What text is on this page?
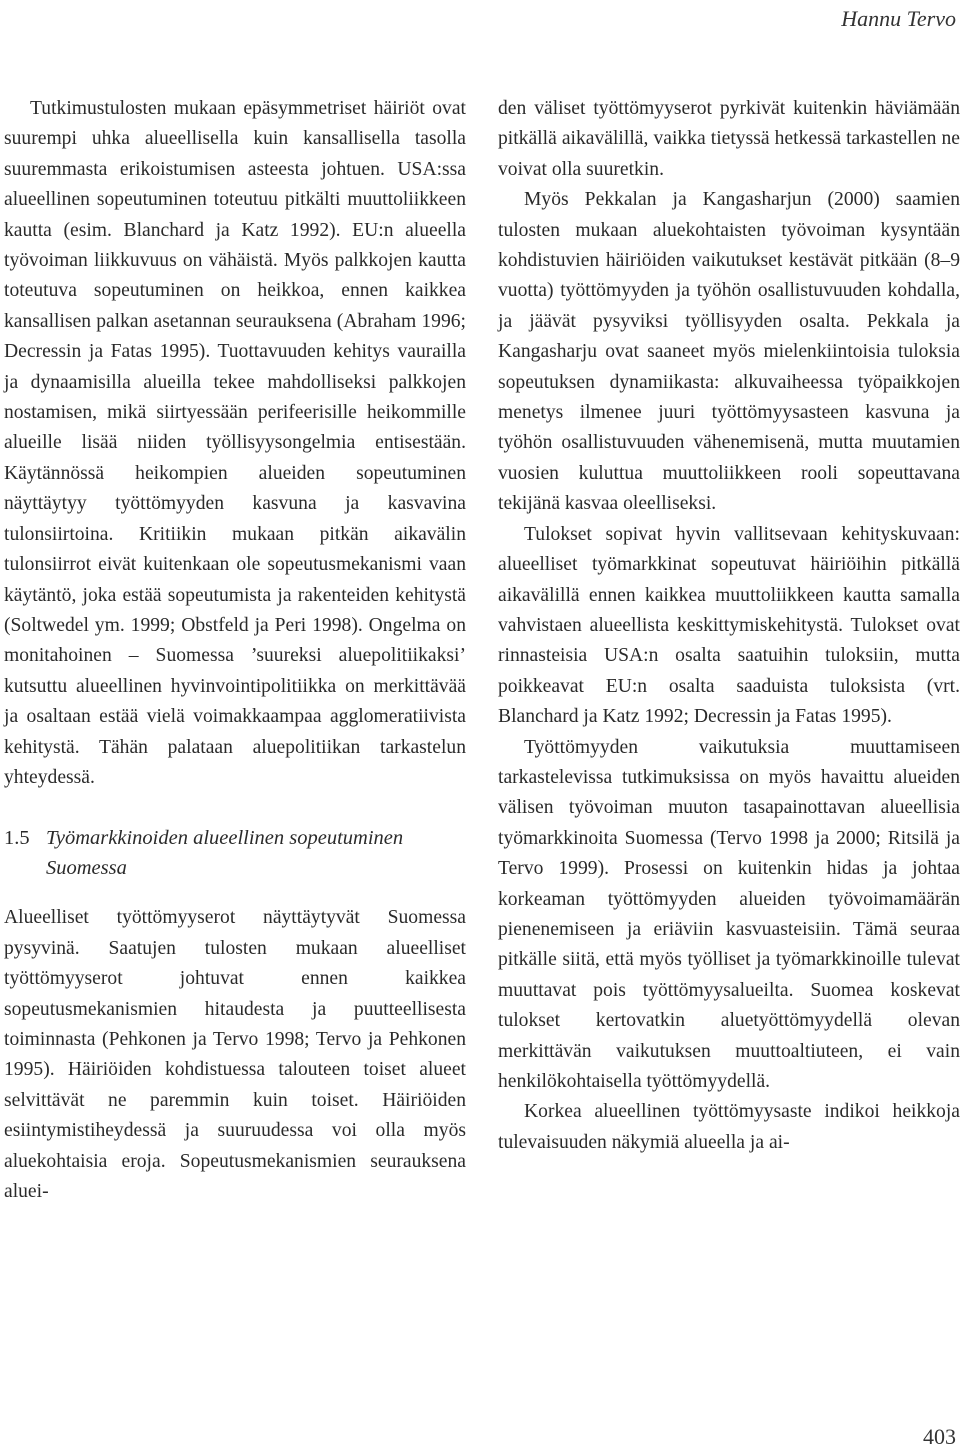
Hannu Tervo

Tutkimustulosten mukaan epäsymmetriset häiriöt ovat suurempi uhka alueellisella kuin kansallisella tasolla suuremmasta erikoistumisen asteesta johtuen. USA:ssa alueellinen sopeutuminen toteutuu pitkälti muuttoliikkeen kautta (esim. Blanchard ja Katz 1992). EU:n alueella työvoiman liikkuvuus on vähäistä. Myös palkkojen kautta toteutuva sopeutuminen on heikkoa, ennen kaikkea kansallisen palkan asetannan seurauksena (Abraham 1996; Decressin ja Fatas 1995). Tuottavuuden kehitys vaurailla ja dynaamisilla alueilla tekee mahdolliseksi palkkojen nostamisen, mikä siirtyessään perifeerisille heikommille alueille lisää niiden työllisyysongelmia entisestään. Käytännössä heikompien alueiden sopeutuminen näyttäytyy työttömyyden kasvuna ja kasvavina tulonsiirtoina. Kritiikin mukaan pitkän aikavälin tulonsiirrot eivät kuitenkaan ole sopeutusmekanismi vaan käytäntö, joka estää sopeutumista ja rakenteiden kehitystä (Soltwedel ym. 1999; Obstfeld ja Peri 1998). Ongelma on monitahoinen – Suomessa ’suureksi aluepolitiikaksi’ kutsuttu alueellinen hyvinvointipolitiikka on merkittävää ja osaltaan estää vielä voimakkaampaa agglomeratiivista kehitystä. Tähän palataan aluepolitiikan tarkastelun yhteydessä.

1.5 Työmarkkinoiden alueellinen sopeutuminen Suomessa

Alueelliset työttömyyserot näyttäytyvät Suomessa pysyvinä. Saatujen tulosten mukaan alueelliset työttömyyserot johtuvat ennen kaikkea sopeutusmekanismien hitaudesta ja puutteellisesta toiminnasta (Pehkonen ja Tervo 1998; Tervo ja Pehkonen 1995). Häiriöiden kohdistuessa talouteen toiset alueet selvittävät ne paremmin kuin toiset. Häiriöiden esiintymistiheydessä ja suuruudessa voi olla myös aluekohtaisia eroja. Sopeutusmekanismien seurauksena aluei-

den väliset työttömyyserot pyrkivät kuitenkin häviämään pitkällä aikavälillä, vaikka tietyssä hetkessä tarkastellen ne voivat olla suuretkin.

Myös Pekkalan ja Kangasharjun (2000) saamien tulosten mukaan aluekohtaisten työvoiman kysyntään kohdistuvien häiriöiden vaikutukset kestävät pitkään (8–9 vuotta) työttömyyden ja työhön osallistuvuuden kohdalla, ja jäävät pysyviksi työllisyyden osalta. Pekkala ja Kangasharju ovat saaneet myös mielenkiintoisia tuloksia sopeutuksen dynamiikasta: alkuvaiheessa työpaikkojen menetys ilmenee juuri työttömyysasteen kasvuna ja työhön osallistuvuuden vähenemisenä, mutta muutamien vuosien kuluttua muuttoliikkeen rooli sopeuttavana tekijänä kasvaa oleelliseksi.

Tulokset sopivat hyvin vallitsevaan kehityskuvaan: alueelliset työmarkkinat sopeutuvat häiriöihin pitkällä aikavälillä ennen kaikkea muuttoliikkeen kautta samalla vahvistaen alueellista keskittymiskehitystä. Tulokset ovat rinnasteisia USA:n osalta saatuihin tuloksiin, mutta poikkeavat EU:n osalta saaduista tuloksista (vrt. Blanchard ja Katz 1992; Decressin ja Fatas 1995).

Työttömyyden vaikutuksia muuttamiseen tarkastelevissa tutkimuksissa on myös havaittu alueiden välisen työvoiman muuton tasapainottavan alueellisia työmarkkinoita Suomessa (Tervo 1998 ja 2000; Ritsilä ja Tervo 1999). Prosessi on kuitenkin hidas ja johtaa korkeaman työttömyyden alueiden työvoimamäärän pienenemiseen ja eriäviin kasvuasteisiin. Tämä seuraa pitkälle siitä, että myös työlliset ja työmarkkinoille tulevat muuttavat pois työttömyysalueilta. Suomea koskevat tulokset kertovatkin aluetyöttömyydellä olevan merkittävän vaikutuksen muuttoaltiuteen, ei vain henkilökohtaisella työttömyydellä.

Korkea alueellinen työttömyysaste indikoi heikkoja tulevaisuuden näkymiä alueella ja ai-

403
